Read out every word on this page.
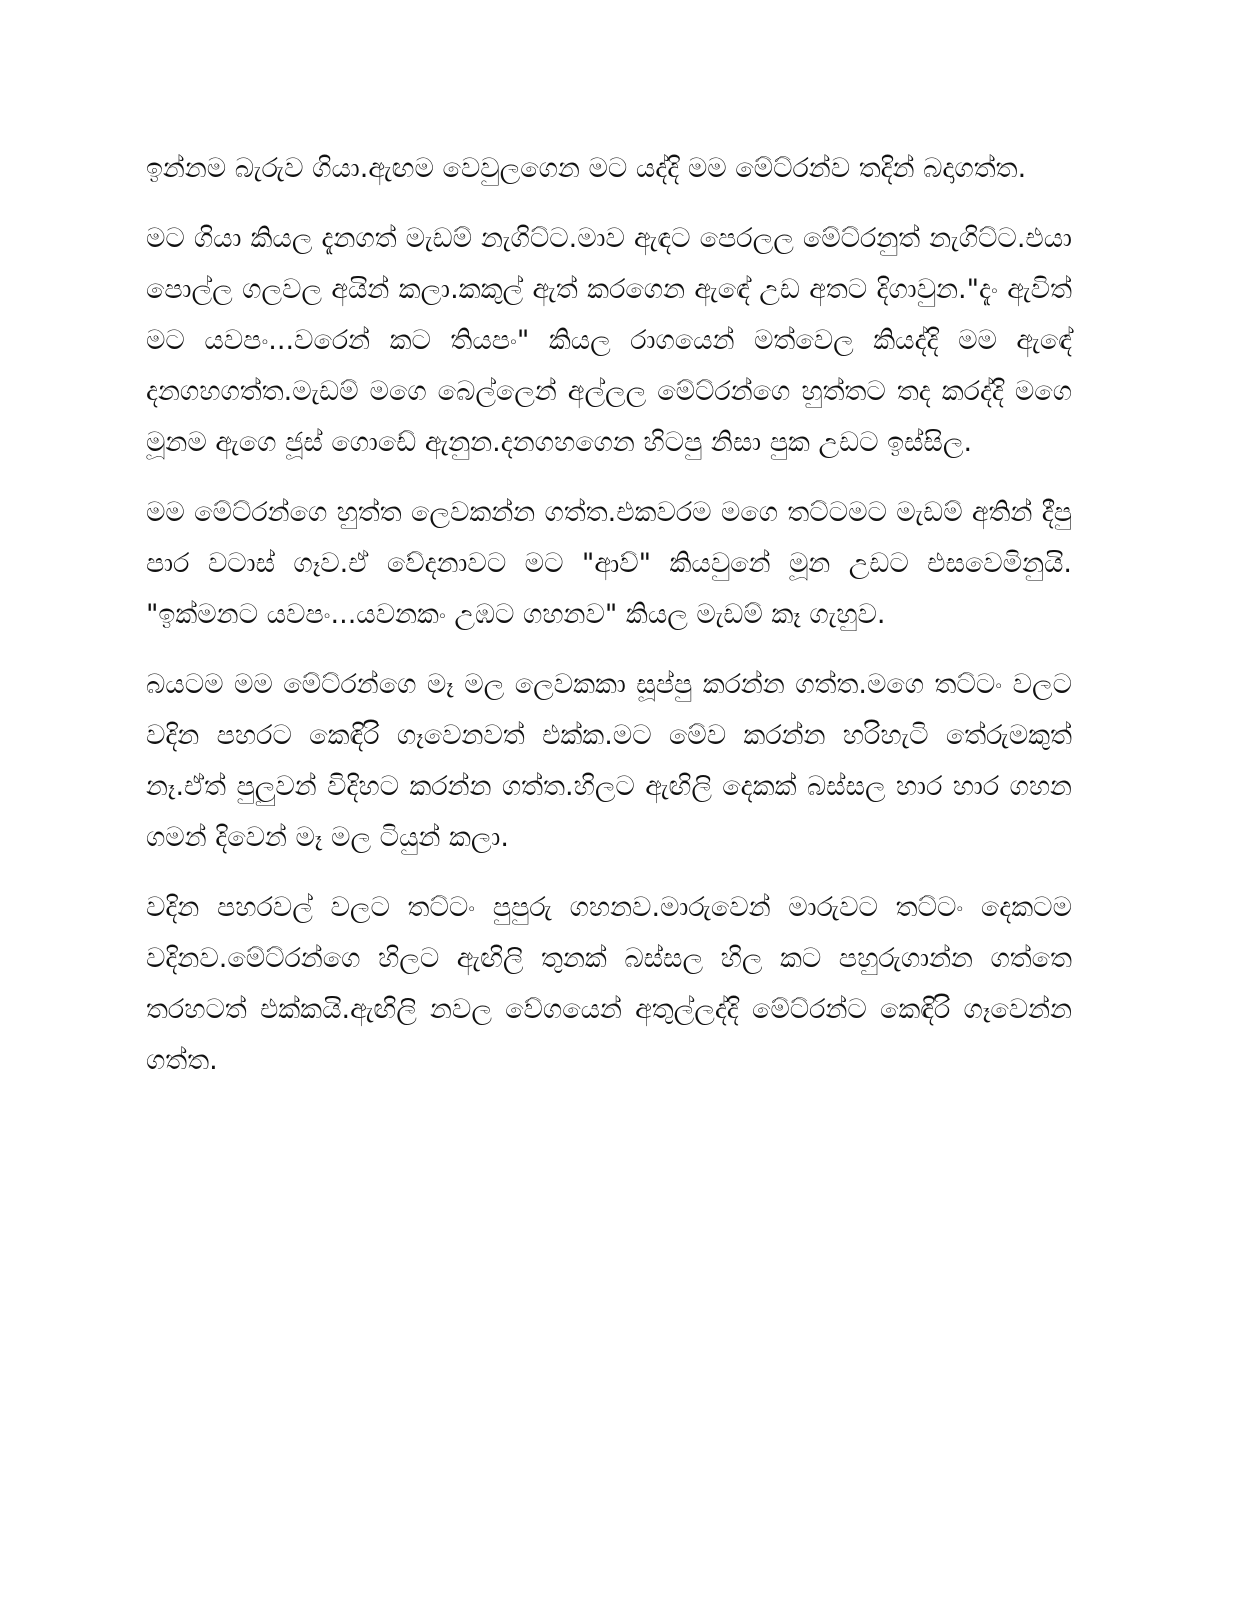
ඉන්නම බැරුව ගියා.ඇඟම වෙවුලගෙන මට යද්දි මම මේට්රන්ව තදින් බදාගත්ත.

මට ගියා කියල දැනගත් මැඩම් නැගිට්ට.මාව ඇඳට පෙරලල මේට්රනුත් නැගිට්ට.එයා පොල්ල ගලවල අයින් කලා.කකුල් ඇත් කරගෙන ඇඳේ උඩ අතට දිගාවුන."දැං ඇවිත් මට යවපං...වරෙන් කට තියපං" කියල රාගයෙන් මත්වෙල කියද්දි මම ඇඳේ දනගහගත්ත.මැඩම් මගෙ බෙල්ලෙන් අල්ලල මේට්රන්ගෙ හුත්තට තද කරද්දි මගෙ මූනම ඇගෙ ජූස් ගොඩේ ඇනුන.දනගහගෙන හිටපු නිසා පුක උඩට ඉස්සිල.

මම මේට්රන්ගෙ හුත්ත ලෙවකන්න ගත්ත.එකවරම මගෙ තට්ටමට මැඩම් අතින් දීපු පාර වටාස් ගෑව.ඒ වේදනාවට මට "ආව්" කියවුනේ මූන උඩට එසවෙමිනුයි. "ඉක්මනට යවපං...යවනකං උඹට ගහනව" කියල මැඩම් කෑ ගැහුව.

බයටම මම මේට්රන්ගෙ මෑ මල ලෙවකකා සූප්පු කරන්න ගත්ත.මගෙ තට්ටං වලට වදින පහරට කෙඳිරි ගෑවෙනවත් එක්ක.මට මේව කරන්න හරිහැටි තේරුමකුත් නෑ.ඒත් පුලුවන් විදිහට කරන්න ගත්ත.හිලට ඇඟිලි දෙකක් බස්සල හාර හාර ගහන ගමන් දිවෙන් මෑ මල ටියුන් කලා.

වදින පහරවල් වලට තට්ටං පුපුරු ගහනව.මාරුවෙන් මාරුවට තට්ටං දෙකටම වදිනව.මේට්රන්ගෙ හිලට ඇඟිලි තුනක් බස්සල හිල කට පහුරුගාන්න ගත්තෙ තරහටත් එක්කයි.ඇඟිලි නවල වේගයෙන් අතුල්ලද්දි මේට්රන්ට කෙඳිරි ගෑවෙන්න ගත්ත.
